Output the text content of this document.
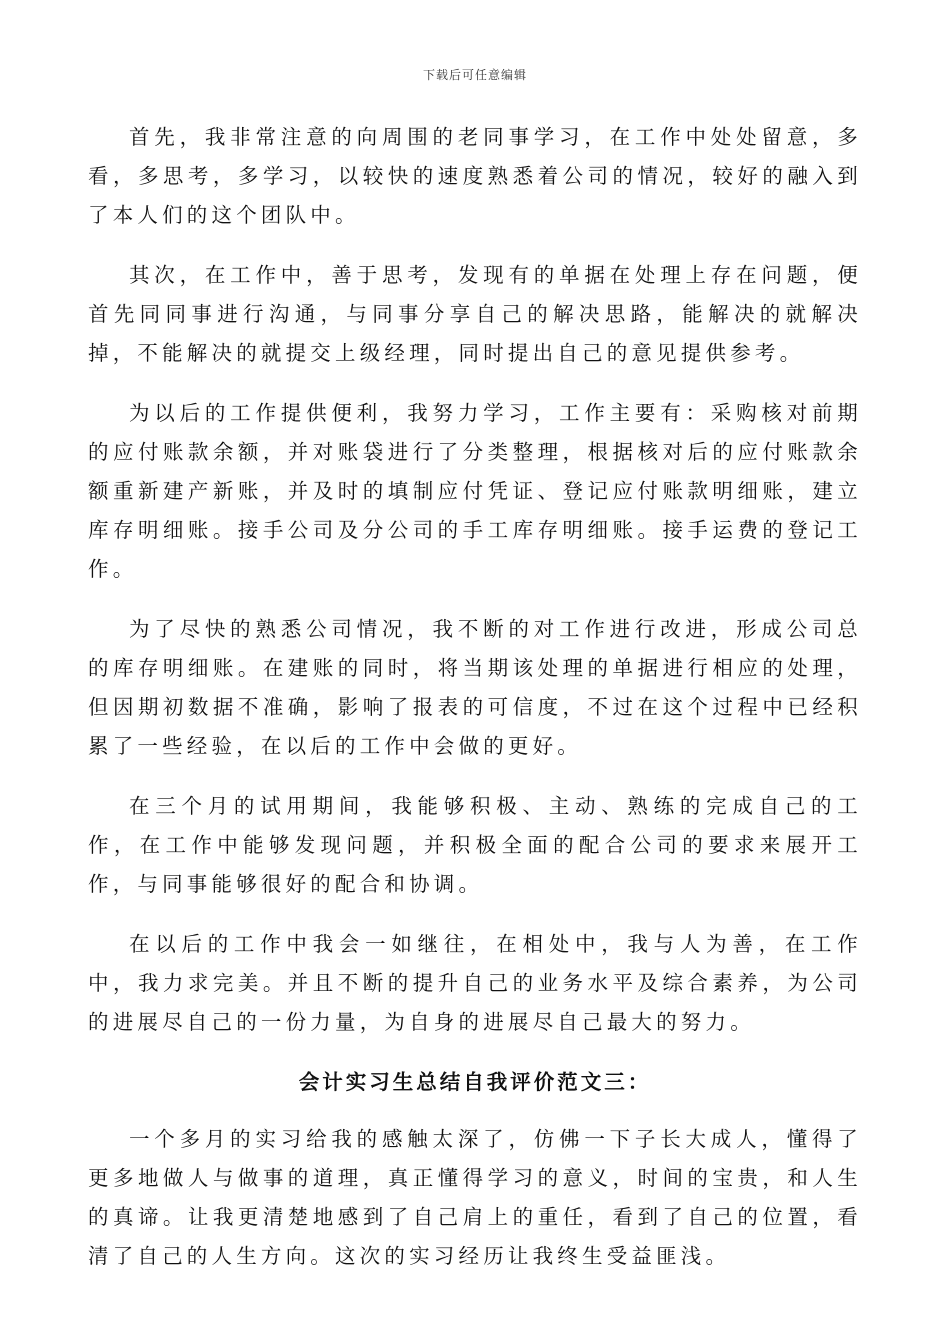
下载后可任意编辑

首先，我非常注意的向周围的老同事学习，在工作中处处留意，多看，多思考，多学习，以较快的速度熟悉着公司的情况，较好的融入到了本人们的这个团队中。

其次，在工作中，善于思考，发现有的单据在处理上存在问题，便首先同同事进行沟通，与同事分享自己的解决思路，能解决的就解决掉，不能解决的就提交上级经理，同时提出自己的意见提供参考。

为以后的工作提供便利，我努力学习，工作主要有：采购核对前期的应付账款余额，并对账袋进行了分类整理，根据核对后的应付账款余额重新建产新账，并及时的填制应付凭证、登记应付账款明细账，建立库存明细账。接手公司及分公司的手工库存明细账。接手运费的登记工作。

为了尽快的熟悉公司情况，我不断的对工作进行改进，形成公司总的库存明细账。在建账的同时，将当期该处理的单据进行相应的处理，但因期初数据不准确，影响了报表的可信度，不过在这个过程中已经积累了一些经验，在以后的工作中会做的更好。

在三个月的试用期间，我能够积极、主动、熟练的完成自己的工作，在工作中能够发现问题，并积极全面的配合公司的要求来展开工作，与同事能够很好的配合和协调。

在以后的工作中我会一如继往，在相处中，我与人为善，在工作中，我力求完美。并且不断的提升自己的业务水平及综合素养，为公司的进展尽自己的一份力量，为自身的进展尽自己最大的努力。

会计实习生总结自我评价范文三：

一个多月的实习给我的感触太深了，仿佛一下子长大成人，懂得了更多地做人与做事的道理，真正懂得学习的意义，时间的宝贵，和人生的真谛。让我更清楚地感到了自己肩上的重任，看到了自己的位置，看清了自己的人生方向。这次的实习经历让我终生受益匪浅。
